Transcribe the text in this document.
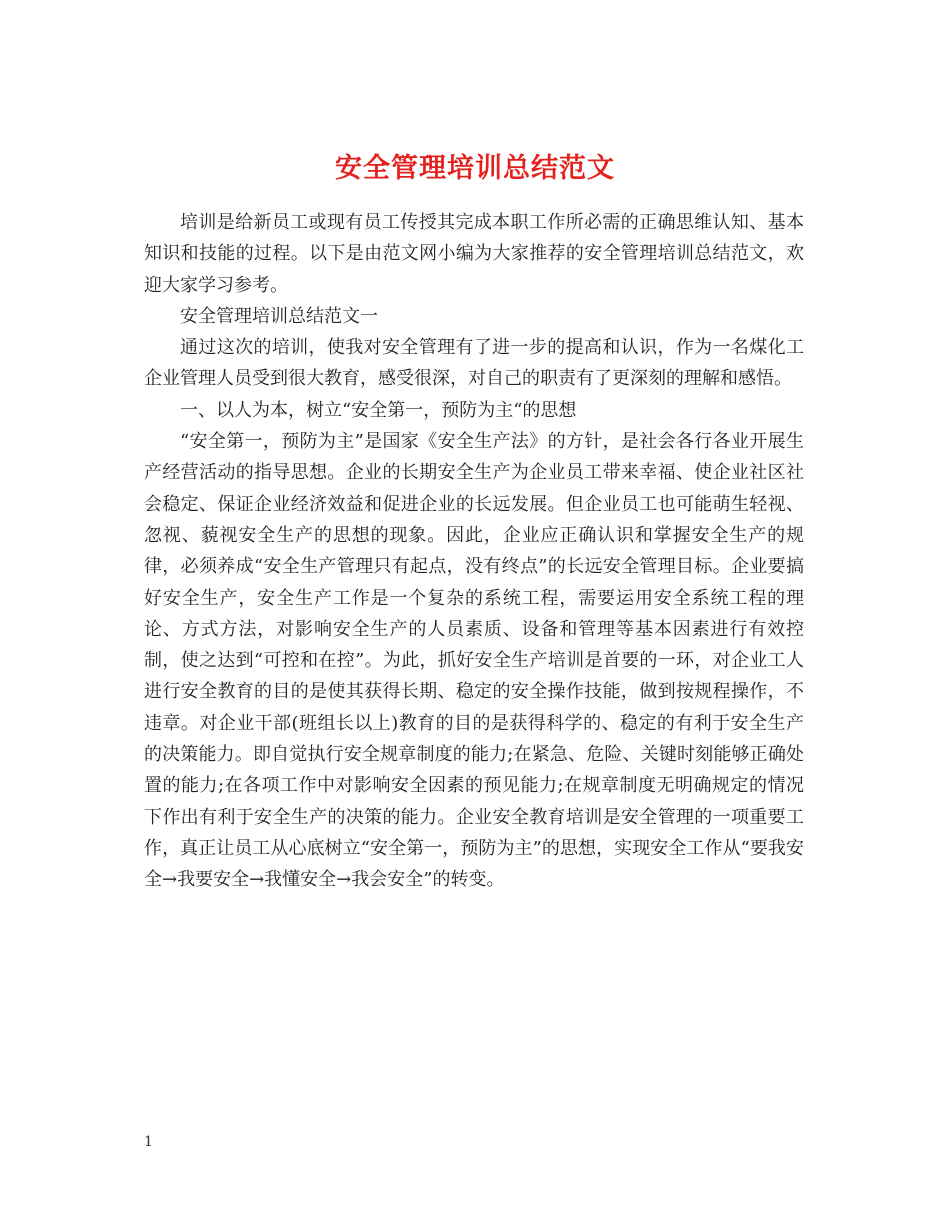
安全管理培训总结范文

培训是给新员工或现有员工传授其完成本职工作所必需的正确思维认知、基本知识和技能的过程。以下是由范文网小编为大家推荐的安全管理培训总结范文，欢迎大家学习参考。

安全管理培训总结范文一

通过这次的培训，使我对安全管理有了进一步的提高和认识，作为一名煤化工企业管理人员受到很大教育，感受很深，对自己的职责有了更深刻的理解和感悟。

一、以人为本，树立“安全第一，预防为主“的思想

“安全第一，预防为主”是国家《安全生产法》的方针，是社会各行各业开展生产经营活动的指导思想。企业的长期安全生产为企业员工带来幸福、使企业社区社会稳定、保证企业经济效益和促进企业的长远发展。但企业员工也可能萌生轻视、忽视、藐视安全生产的思想的现象。因此，企业应正确认识和掌握安全生产的规律，必须养成“安全生产管理只有起点，没有终点”的长远安全管理目标。企业要搞好安全生产，安全生产工作是一个复杂的系统工程，需要运用安全系统工程的理论、方式方法，对影响安全生产的人员素质、设备和管理等基本因素进行有效控制，使之达到“可控和在控”。为此，抓好安全生产培训是首要的一环，对企业工人进行安全教育的目的是使其获得长期、稳定的安全操作技能，做到按规程操作，不违章。对企业干部(班组长以上)教育的目的是获得科学的、稳定的有利于安全生产的决策能力。即自觉执行安全规章制度的能力;在紧急、危险、关键时刻能够正确处置的能力;在各项工作中对影响安全因素的预见能力;在规章制度无明确规定的情况下作出有利于安全生产的决策的能力。企业安全教育培训是安全管理的一项重要工作，真正让员工从心底树立“安全第一，预防为主”的思想，实现安全工作从“要我安全→我要安全→我懂安全→我会安全”的转变。

1
